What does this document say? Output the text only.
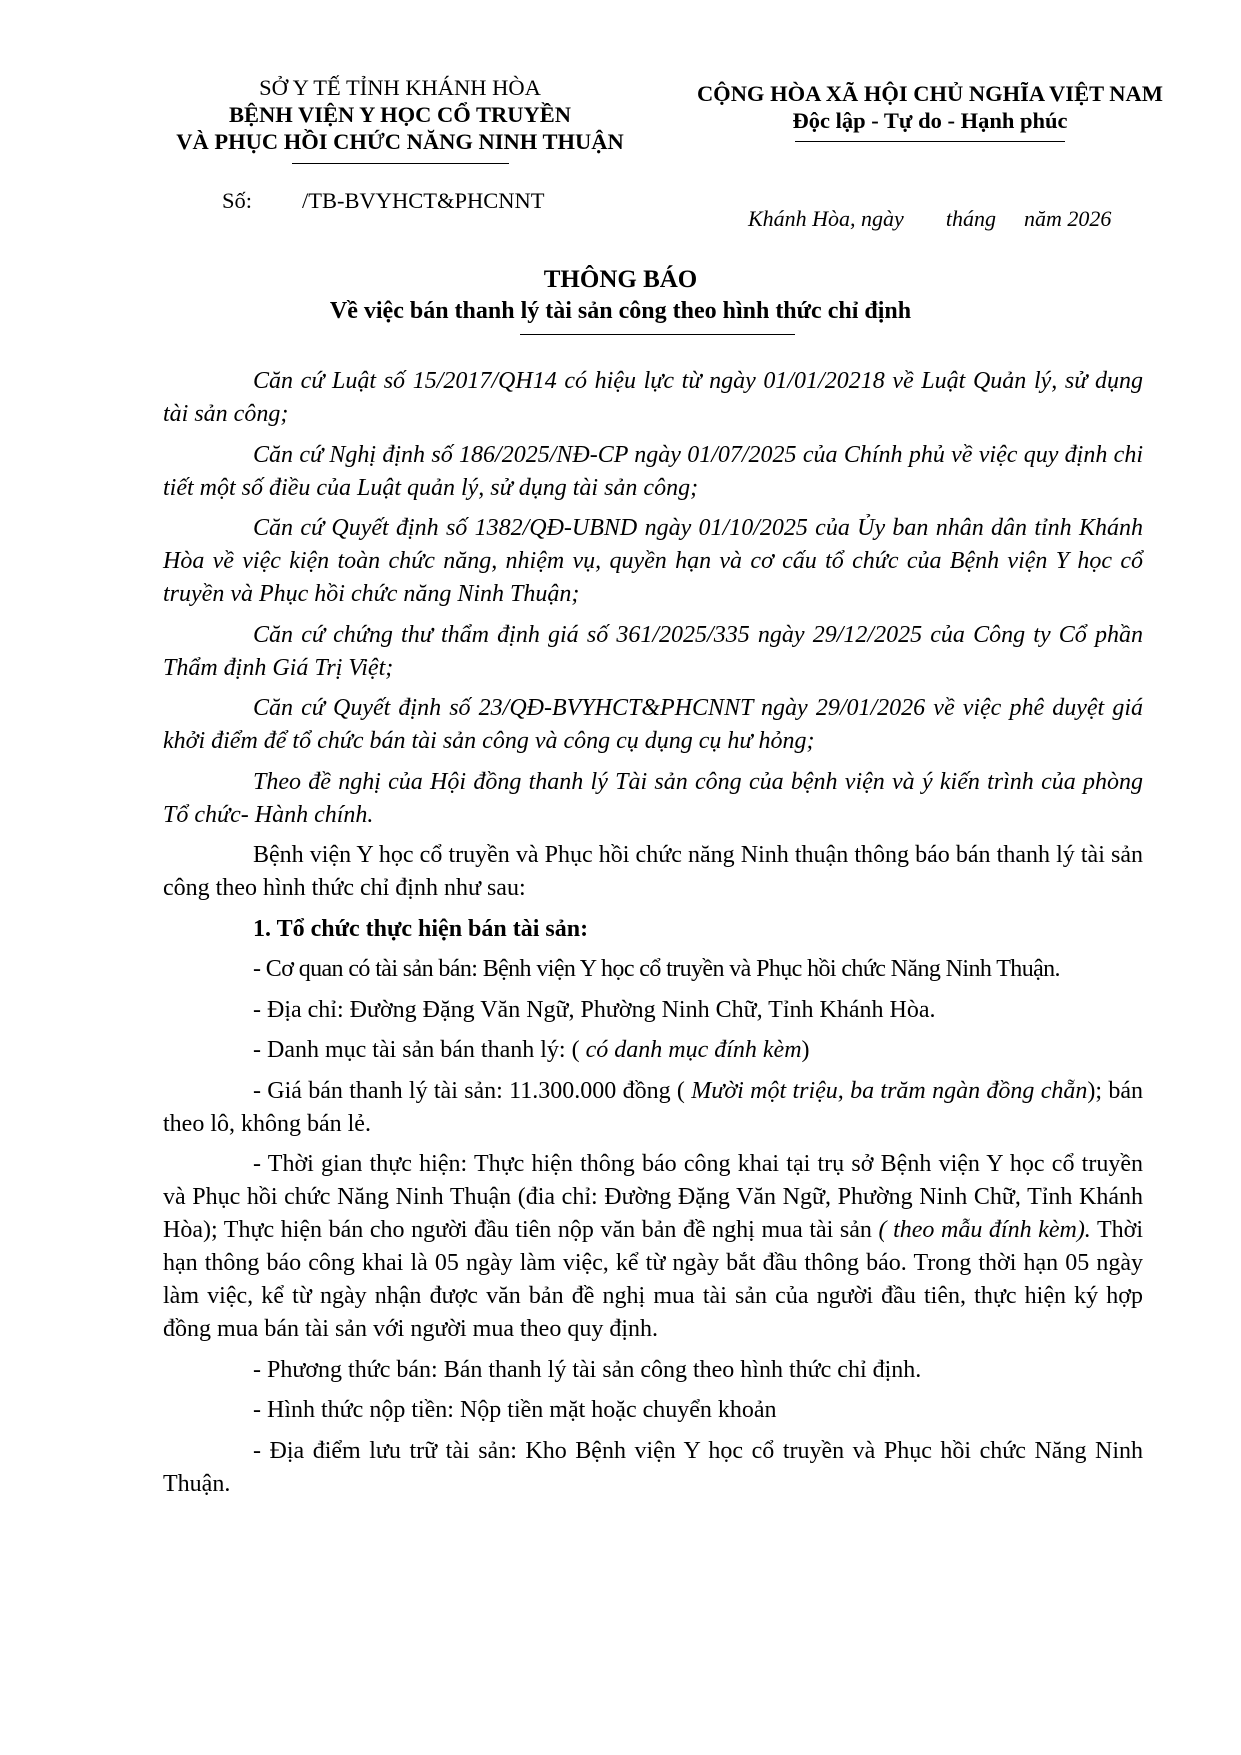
SỞ Y TẾ TỈNH KHÁNH HÒA
BỆNH VIỆN Y HỌC CỔ TRUYỀN
VÀ PHỤC HỒI CHỨC NĂNG NINH THUẬN
Số: /TB-BVYHCT&PHCNNT
CỘNG HÒA XÃ HỘI CHỦ NGHĨA VIỆT NAM
Độc lập - Tự do - Hạnh phúc
Khánh Hòa, ngày tháng năm 2026
THÔNG BÁO
Về việc bán thanh lý tài sản công theo hình thức chỉ định

Căn cứ Luật số 15/2017/QH14 có hiệu lực từ ngày 01/01/20218 về Luật Quản lý, sử dụng tài sản công;

Căn cứ Nghị định số 186/2025/NĐ-CP ngày 01/07/2025 của Chính phủ về việc quy định chi tiết một số điều của Luật quản lý, sử dụng tài sản công;

Căn cứ Quyết định số 1382/QĐ-UBND ngày 01/10/2025 của Ủy ban nhân dân tỉnh Khánh Hòa về việc kiện toàn chức năng, nhiệm vụ, quyền hạn và cơ cấu tổ chức của Bệnh viện Y học cổ truyền và Phục hồi chức năng Ninh Thuận;

Căn cứ chứng thư thẩm định giá số 361/2025/335 ngày 29/12/2025 của Công ty Cổ phần Thẩm định Giá Trị Việt;

Căn cứ Quyết định số 23/QĐ-BVYHCT&PHCNNT ngày 29/01/2026 về việc phê duyệt giá khởi điểm để tổ chức bán tài sản công và công cụ dụng cụ hư hỏng;

Theo đề nghị của Hội đồng thanh lý Tài sản công của bệnh viện và ý kiến trình của phòng Tổ chức- Hành chính.

Bệnh viện Y học cổ truyền và Phục hồi chức năng Ninh thuận thông báo bán thanh lý tài sản công theo hình thức chỉ định như sau:

1. Tổ chức thực hiện bán tài sản:

- Cơ quan có tài sản bán: Bệnh viện Y học cổ truyền và Phục hồi chức Năng Ninh Thuận.

- Địa chỉ: Đường Đặng Văn Ngữ, Phường Ninh Chữ, Tỉnh Khánh Hòa.

- Danh mục tài sản bán thanh lý: ( có danh mục đính kèm)

- Giá bán thanh lý tài sản: 11.300.000 đồng ( Mười một triệu, ba trăm ngàn đồng chẵn); bán theo lô, không bán lẻ.

- Thời gian thực hiện: Thực hiện thông báo công khai tại trụ sở Bệnh viện Y học cổ truyền và Phục hồi chức Năng Ninh Thuận (đia chỉ: Đường Đặng Văn Ngữ, Phường Ninh Chữ, Tỉnh Khánh Hòa); Thực hiện bán cho người đầu tiên nộp văn bản đề nghị mua tài sản ( theo mẫu đính kèm). Thời hạn thông báo công khai là 05 ngày làm việc, kể từ ngày bắt đầu thông báo. Trong thời hạn 05 ngày làm việc, kể từ ngày nhận được văn bản đề nghị mua tài sản của người đầu tiên, thực hiện ký hợp đồng mua bán tài sản với người mua theo quy định.

- Phương thức bán: Bán thanh lý tài sản công theo hình thức chỉ định.

- Hình thức nộp tiền: Nộp tiền mặt hoặc chuyển khoản

- Địa điểm lưu trữ tài sản: Kho Bệnh viện Y học cổ truyền và Phục hồi chức Năng Ninh Thuận.
